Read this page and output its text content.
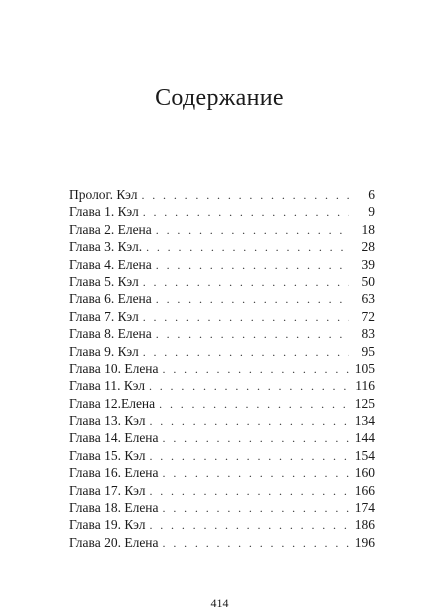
Содержание
Пролог. Кэл . . .	6
Глава 1. Кэл . . .	9
Глава 2. Елена . . .	18
Глава 3. Кэл. . . .	28
Глава 4. Елена . . .	39
Глава 5. Кэл . . .	50
Глава 6. Елена . . .	63
Глава 7. Кэл . . .	72
Глава 8. Елена . . .	83
Глава 9. Кэл . . .	95
Глава 10. Елена . . .	105
Глава 11. Кэл . . .	116
Глава 12.Елена . . .	125
Глава 13. Кэл . . .	134
Глава 14. Елена . . .	144
Глава 15. Кэл . . .	154
Глава 16. Елена . . .	160
Глава 17. Кэл . . .	166
Глава 18. Елена . . .	174
Глава 19. Кэл . . .	186
Глава 20. Елена . . .	196
414
